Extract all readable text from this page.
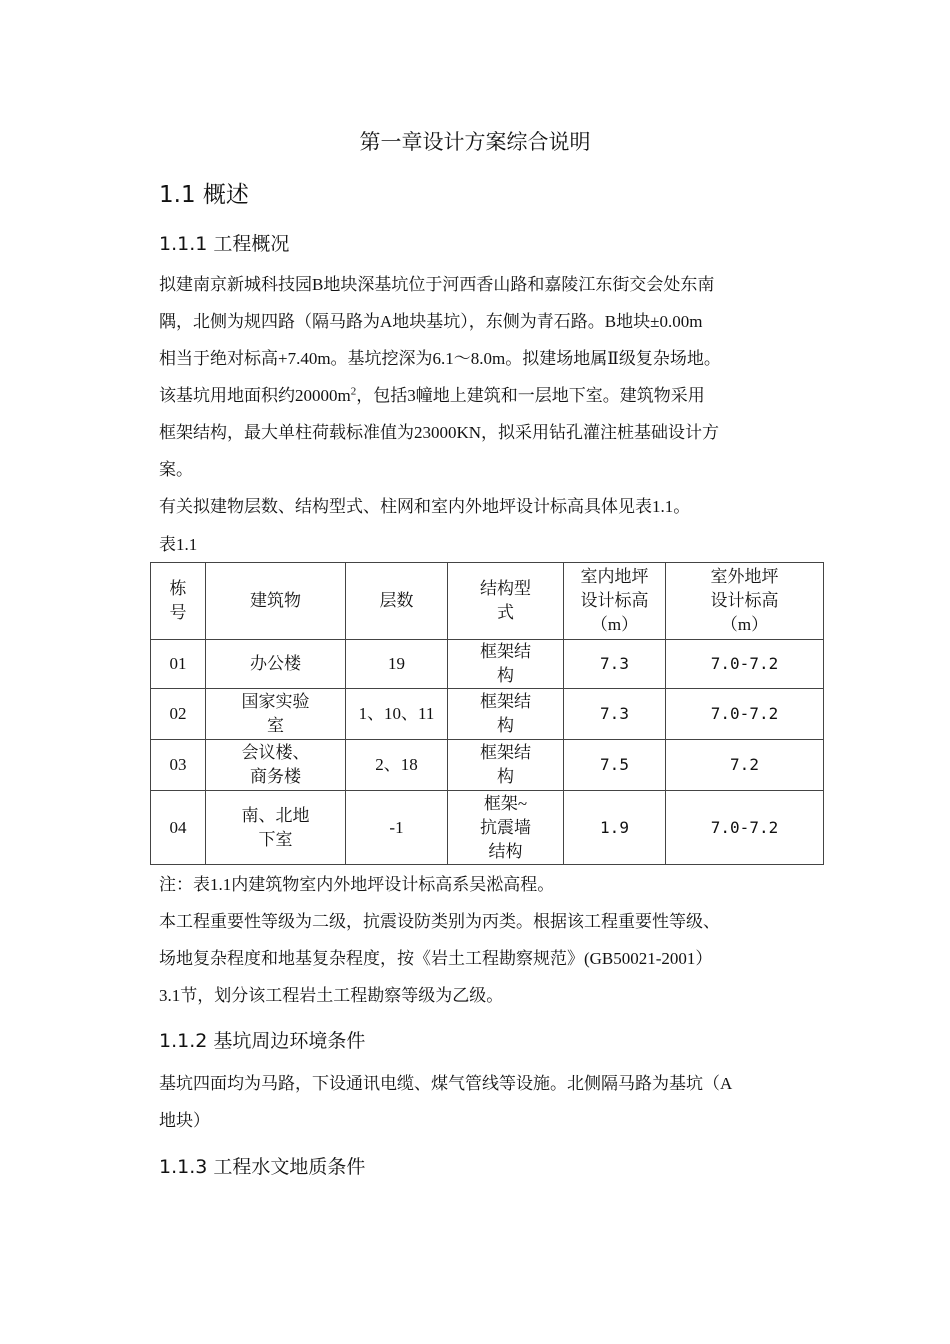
第一章设计方案综合说明
1.1 概述
1.1.1 工程概况
拟建南京新城科技园B地块深基坑位于河西香山路和嘉陵江东街交会处东南
隅，北侧为规四路（隔马路为A地块基坑），东侧为青石路。B地块±0.00m
相当于绝对标高+7.40m。基坑挖深为6.1～8.0m。拟建场地属Ⅱ级复杂场地。
该基坑用地面积约$20000m^2$，包括3幢地上建筑和一层地下室。建筑物采用
框架结构，最大单柱荷载标准值为23000KN，拟采用钻孔灌注桩基础设计方
案。
有关拟建物层数、结构型式、柱网和室内外地坪设计标高具体见表1.1。
表1.1
栋号	建筑物	层数	结构型式	室内地坪设计标高（m）	室外地坪设计标高（m）

01	办公楼	19	框架结构	7.3	7.0-7.2
02	国家实验室	1、10、11	框架结构	7.3	7.0-7.2
03	会议楼、商务楼	2、18	框架结构	7.5	7.2
04	南、北地下室	-1	框架~抗震墙结构	1.9	7.0-7.2
注：表1.1内建筑物室内外地坪设计标高系吴淞高程。
本工程重要性等级为二级，抗震设防类别为丙类。根据该工程重要性等级、
场地复杂程度和地基复杂程度，按《岩土工程勘察规范》(GB50021-2001）
3.1节，划分该工程岩土工程勘察等级为乙级。
1.1.2 基坑周边环境条件
基坑四面均为马路，下设通讯电缆、煤气管线等设施。北侧隔马路为基坑（A
地块）
1.1.3 工程水文地质条件
